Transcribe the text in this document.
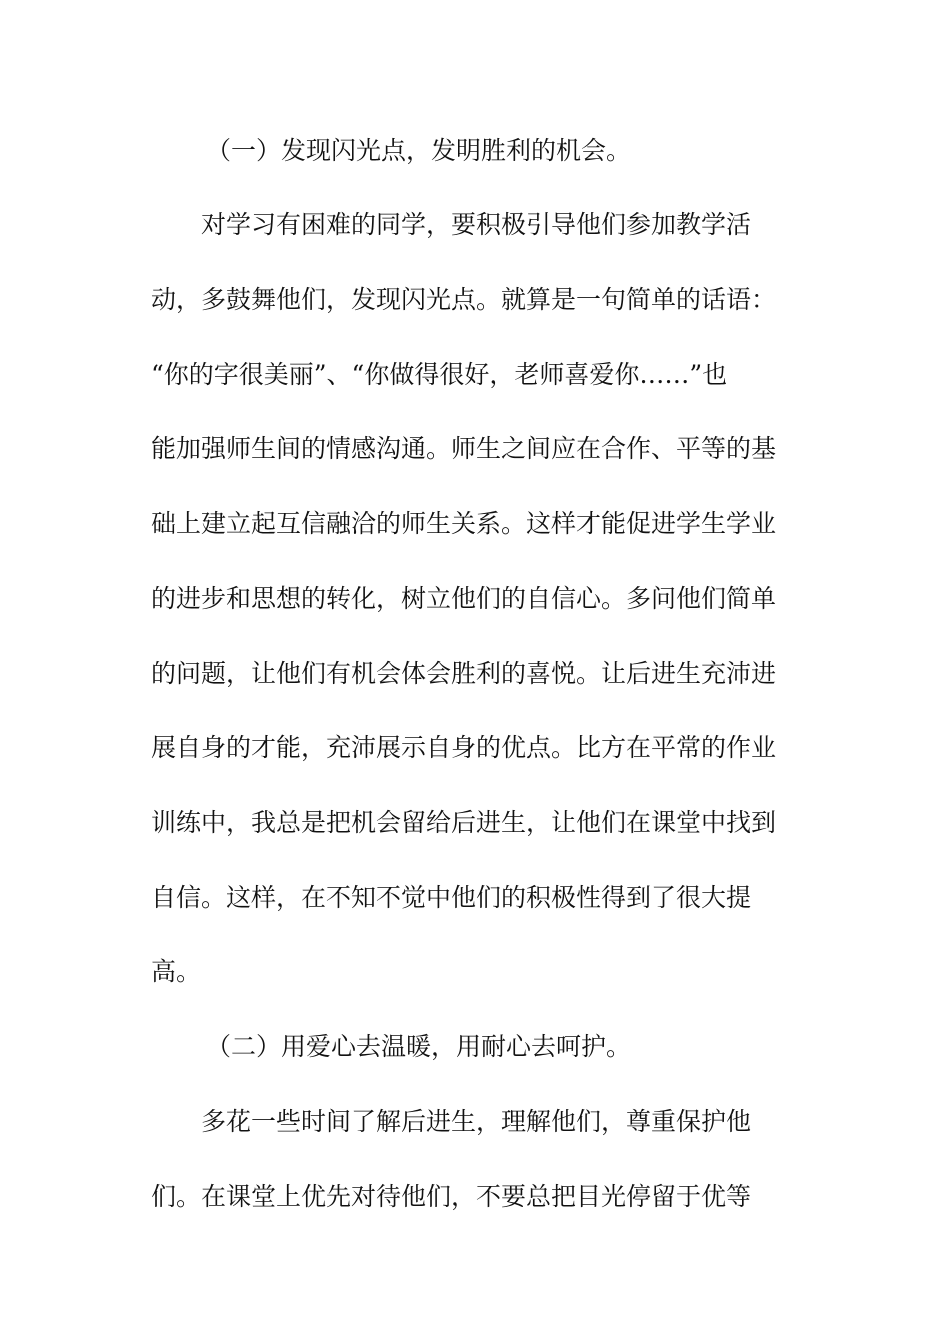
（一）发现闪光点，发明胜利的机会。
对学习有困难的同学，要积极引导他们参加教学活
动，多鼓舞他们，发现闪光点。就算是一句简单的话语：
“你的字很美丽”、“你做得很好，老师喜爱你……”也
能加强师生间的情感沟通。师生之间应在合作、平等的基
础上建立起互信融洽的师生关系。这样才能促进学生学业
的进步和思想的转化，树立他们的自信心。多问他们简单
的问题，让他们有机会体会胜利的喜悦。让后进生充沛进
展自身的才能，充沛展示自身的优点。比方在平常的作业
训练中，我总是把机会留给后进生，让他们在课堂中找到
自信。这样，在不知不觉中他们的积极性得到了很大提
高。
（二）用爱心去温暖，用耐心去呵护。
多花一些时间了解后进生，理解他们，尊重保护他
们。在课堂上优先对待他们，不要总把目光停留于优等
